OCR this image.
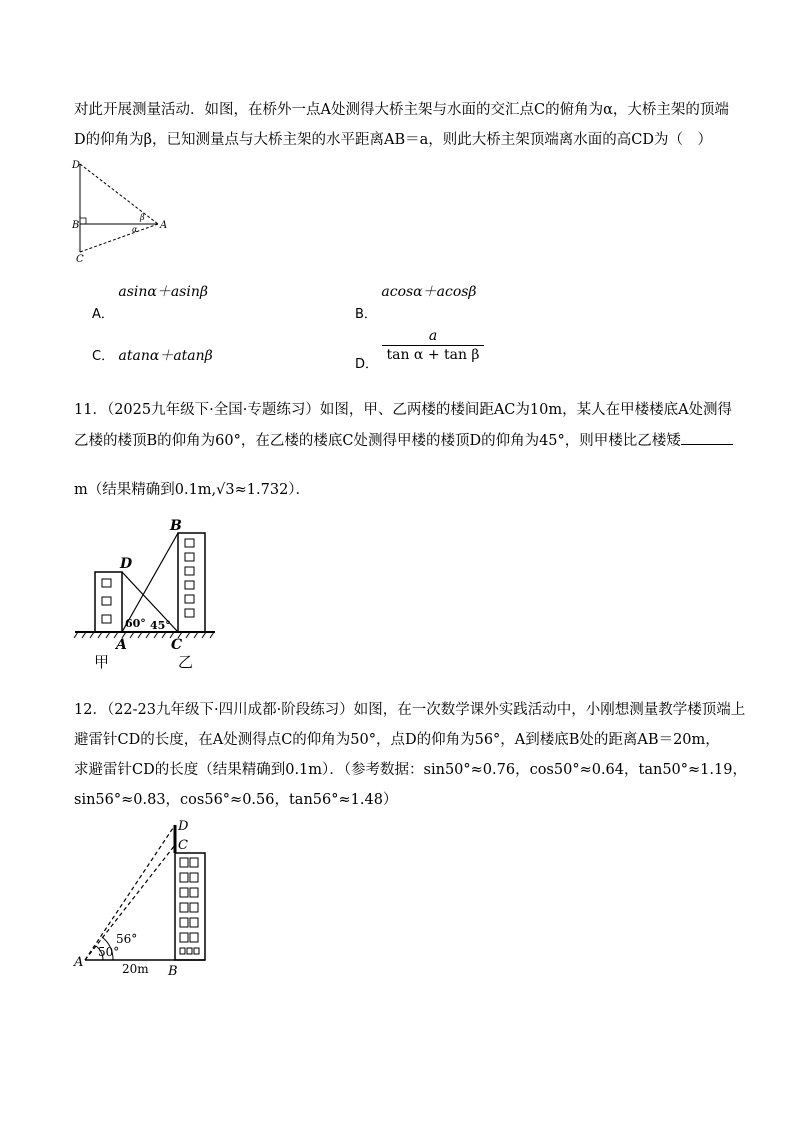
对此开展测量活动．如图，在桥外一点A处测得大桥主架与水面的交汇点C的俯角为α，大桥主架的顶端
D的仰角为β，已知测量点与大桥主架的水平距离AB＝a，则此大桥主架顶端离水面的高CD为（　）
D
B
C
A
β
α
A． asinα＋asinβ
B． acosα＋acosβ
C． atanα＋atanβ	D． $\frac{a}{\text{tan α + tan β}}$
11．（2025九年级下·全国·专题练习）如图，甲、乙两楼的楼间距AC为10m，某人在甲楼楼底A处测得
乙楼的楼顶B的仰角为60°，在乙楼的楼底C处测得甲楼的楼顶D的仰角为45°，则甲楼比乙楼矮
m（结果精确到0.1m,√3≈1.732）．
B
D
60° 45°
A	C
甲	乙
12．（22-23九年级下·四川成都·阶段练习）如图，在一次数学课外实践活动中，小刚想测量教学楼顶端上
避雷针CD的长度，在A处测得点C的仰角为50°，点D的仰角为56°，A到楼底B处的距离AB＝20m，
求避雷针CD的长度（结果精确到0.1m）．（参考数据：sin50°≈0.76，cos50°≈0.64，tan50°≈1.19，
sin56°≈0.83，cos56°≈0.56，tan56°≈1.48）
D
C
A
B
50°
56°
20m
